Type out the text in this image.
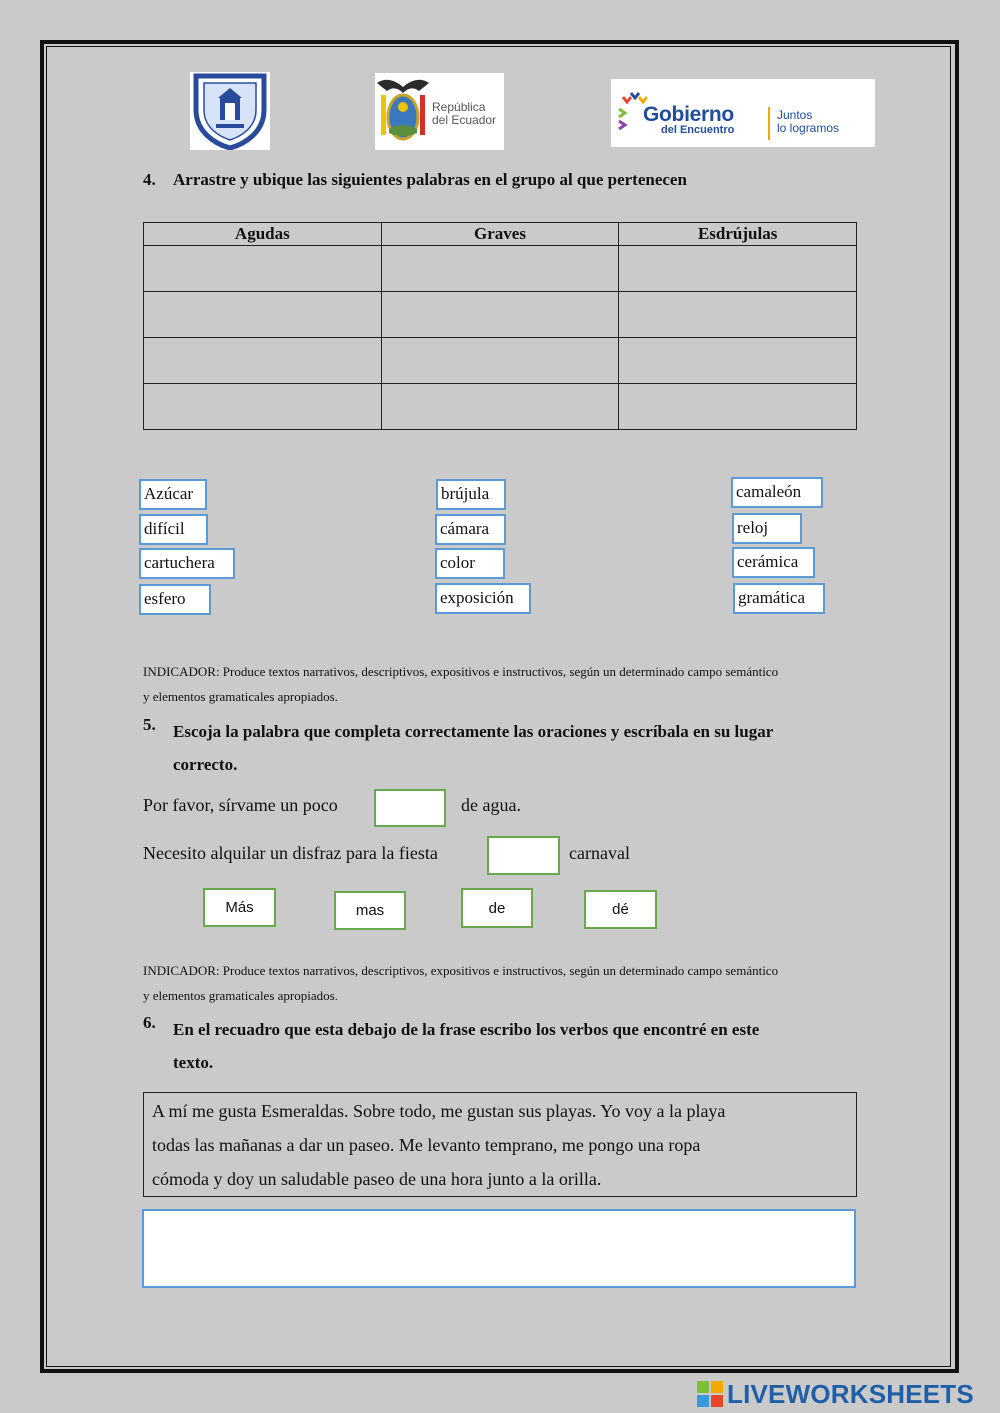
República
del Ecuador	Gobierno
del Encuentro
Juntos
lo logramos
4. Arrastre y ubique las siguientes palabras en el grupo al que pertenecen
Agudas	Graves	Esdrújulas

Azúcar
difícil
cartuchera
esfero
brújula
cámara
color
exposición
camaleón
reloj
cerámica
gramática
INDICADOR: Produce textos narrativos, descriptivos, expositivos e instructivos, según un determinado campo semántico
y elementos gramaticales apropiados.
5. Escoja la palabra que completa correctamente las oraciones y escríbala en su lugar
correcto.
Por favor, sírvame un poco	de agua.
Necesito alquilar un disfraz para la fiesta	carnaval
Más	mas	de	dé
INDICADOR: Produce textos narrativos, descriptivos, expositivos e instructivos, según un determinado campo semántico
y elementos gramaticales apropiados.
6. En el recuadro que esta debajo de la frase escribo los verbos que encontré en este
texto.
A mí me gusta Esmeraldas. Sobre todo, me gustan sus playas. Yo voy a la playa
todas las mañanas a dar un paseo. Me levanto temprano, me pongo una ropa
cómoda y doy un saludable paseo de una hora junto a la orilla.
LIVEWORKSHEETS
